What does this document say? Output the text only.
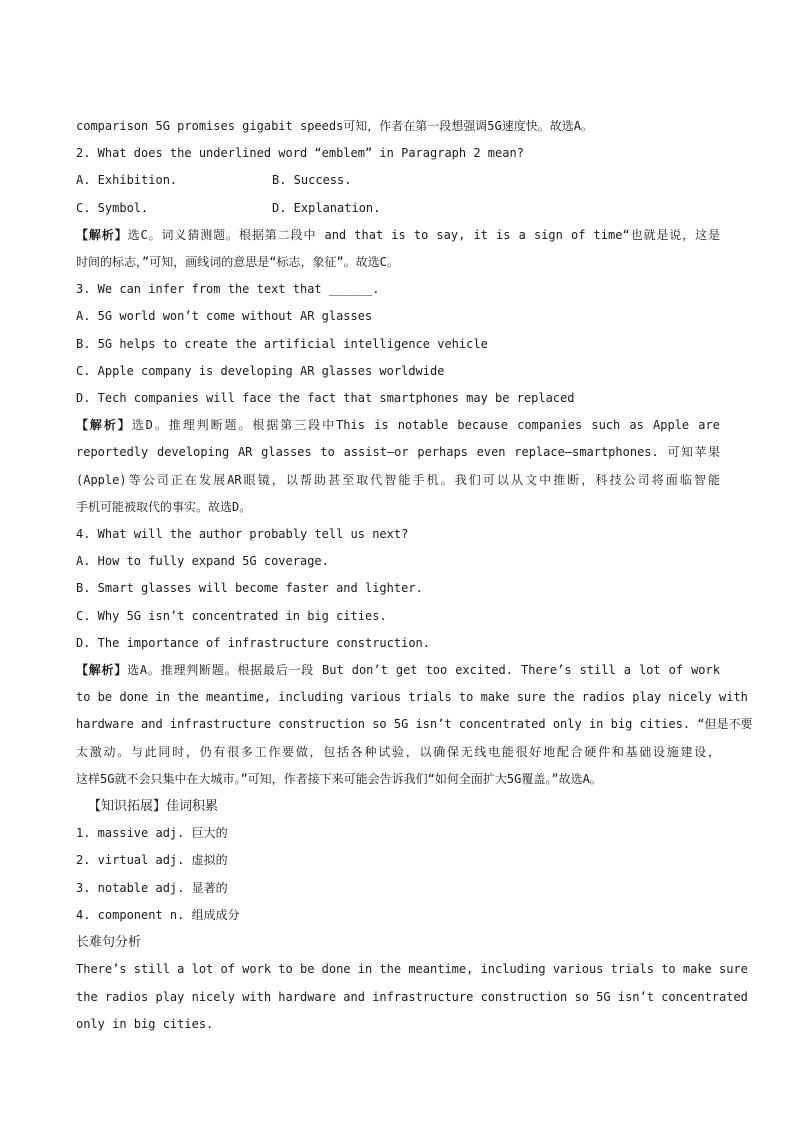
comparison 5G promises gigabit speeds可知，作者在第一段想强调5G速度快。故选A。
2. What does the underlined word “emblem” in Paragraph 2 mean?
A. Exhibition.	B. Success.
C. Symbol.	D. Explanation.
【解析】选C。词义猜测题。根据第二段中 and that is to say, it is a sign of time“也就是说，这是
时间的标志，”可知，画线词的意思是“标志，象征”。故选C。
3. We can infer from the text that ______.
A. 5G world won’t come without AR glasses
B. 5G helps to create the artificial intelligence vehicle
C. Apple company is developing AR glasses worldwide
D. Tech companies will face the fact that smartphones may be replaced
【解析】选D。推理判断题。根据第三段中This is notable because companies such as Apple are
reportedly developing AR glasses to assist—or perhaps even replace—smartphones. 可知苹果
(Apple)等公司正在发展AR眼镜，以帮助甚至取代智能手机。我们可以从文中推断，科技公司将面临智能
手机可能被取代的事实。故选D。
4. What will the author probably tell us next?
A. How to fully expand 5G coverage.
B. Smart glasses will become faster and lighter.
C. Why 5G isn’t concentrated in big cities.
D. The importance of infrastructure construction.
【解析】选A。推理判断题。根据最后一段 But don’t get too excited. There’s still a lot of work
to be done in the meantime, including various trials to make sure the radios play nicely with
hardware and infrastructure construction so 5G isn’t concentrated only in big cities. “但是不要
太激动。与此同时，仍有很多工作要做，包括各种试验，以确保无线电能很好地配合硬件和基础设施建设，
这样5G就不会只集中在大城市。”可知，作者接下来可能会告诉我们“如何全面扩大5G覆盖。”故选A。
【知识拓展】佳词积累
1. massive adj. 巨大的
2. virtual adj. 虚拟的
3. notable adj. 显著的
4. component n. 组成成分
长难句分析
There’s still a lot of work to be done in the meantime, including various trials to make sure
the radios play nicely with hardware and infrastructure construction so 5G isn’t concentrated
only in big cities.
